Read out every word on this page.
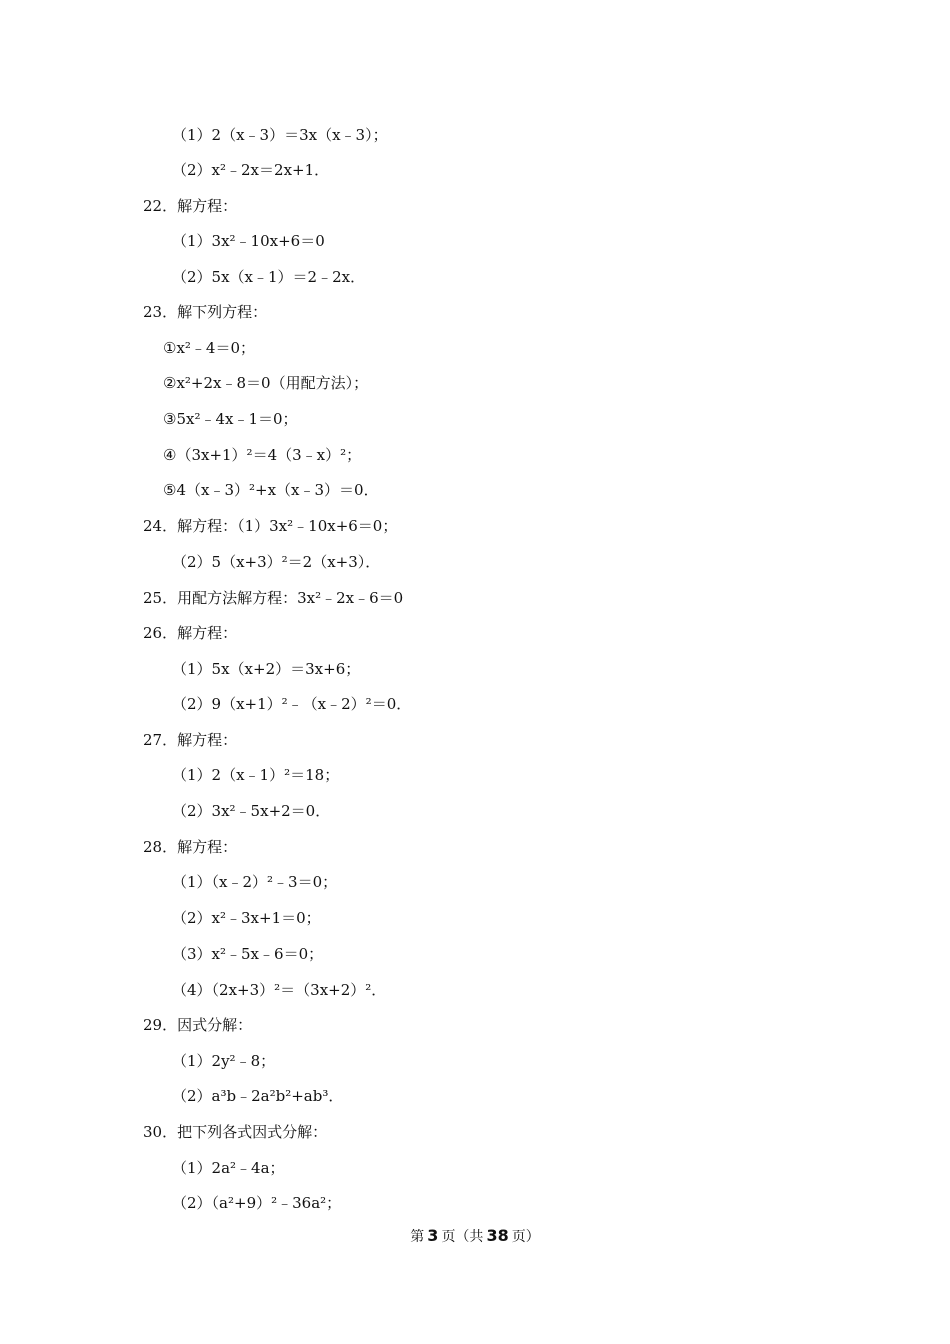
（1）2（x﹣3）＝3x（x﹣3）；
（2）x²﹣2x＝2x+1．
22．解方程：
（1）3x²﹣10x+6＝0
（2）5x（x﹣1）＝2﹣2x．
23．解下列方程：
①x²﹣4＝0；
②x²+2x﹣8＝0（用配方法）；
③5x²﹣4x﹣1＝0；
④（3x+1）²＝4（3﹣x）²；
⑤4（x﹣3）²+x（x﹣3）＝0．
24．解方程：（1）3x²﹣10x+6＝0；
（2）5（x+3）²＝2（x+3）．
25．用配方法解方程：3x²﹣2x﹣6＝0
26．解方程：
（1）5x（x+2）＝3x+6；
（2）9（x+1）²﹣（x﹣2）²＝0．
27．解方程：
（1）2（x﹣1）²＝18；
（2）3x²﹣5x+2＝0．
28．解方程：
（1）（x﹣2）²﹣3＝0；
（2）x²﹣3x+1＝0；
（3）x²﹣5x﹣6＝0；
（4）（2x+3）²＝（3x+2）²．
29．因式分解：
（1）2y²﹣8；
（2）a³b﹣2a²b²+ab³．
30．把下列各式因式分解：
（1）2a²﹣4a；
（2）（a²+9）²﹣36a²；
第 3 页（共 38 页）
